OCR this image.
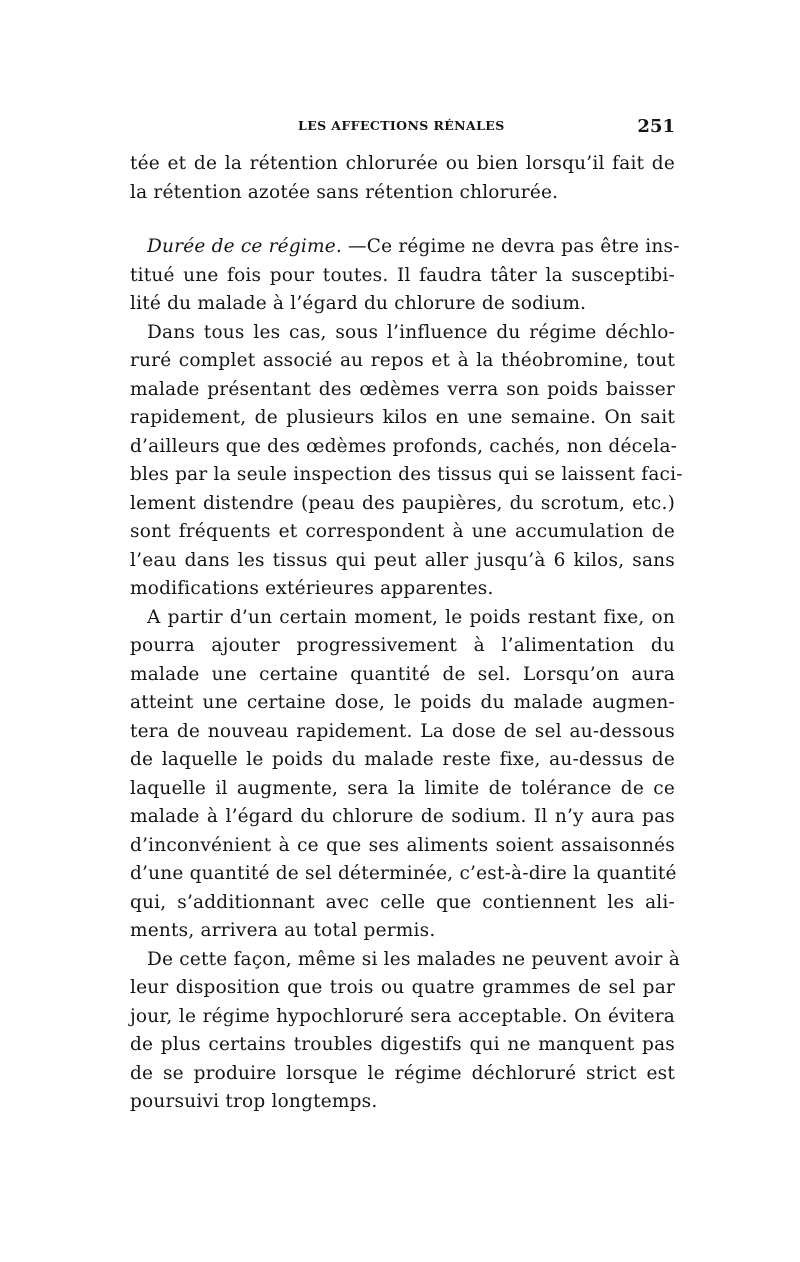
LES AFFECTIONS RÉNALES	251
tée et de la rétention chlorurée ou bien lorsqu’il fait de
la rétention azotée sans rétention chlorurée.
Durée de ce régime. —Ce régime ne devra pas être ins-
titué une fois pour toutes. Il faudra tâter la susceptibi-
lité du malade à l’égard du chlorure de sodium.
Dans tous les cas, sous l’influence du régime déchlo-
ruré complet associé au repos et à la théobromine, tout
malade présentant des œdèmes verra son poids baisser
rapidement, de plusieurs kilos en une semaine. On sait
d’ailleurs que des œdèmes profonds, cachés, non décela-
bles par la seule inspection des tissus qui se laissent faci-
lement distendre (peau des paupières, du scrotum, etc.)
sont fréquents et correspondent à une accumulation de
l’eau dans les tissus qui peut aller jusqu’à 6 kilos, sans
modifications extérieures apparentes.
A partir d’un certain moment, le poids restant fixe, on
pourra ajouter progressivement à l’alimentation du
malade une certaine quantité de sel. Lorsqu’on aura
atteint une certaine dose, le poids du malade augmen-
tera de nouveau rapidement. La dose de sel au-dessous
de laquelle le poids du malade reste fixe, au-dessus de
laquelle il augmente, sera la limite de tolérance de ce
malade à l’égard du chlorure de sodium. Il n’y aura pas
d’inconvénient à ce que ses aliments soient assaisonnés
d’une quantité de sel déterminée, c’est-à-dire la quantité
qui, s’additionnant avec celle que contiennent les ali-
ments, arrivera au total permis.
De cette façon, même si les malades ne peuvent avoir à
leur disposition que trois ou quatre grammes de sel par
jour, le régime hypochloruré sera acceptable. On évitera
de plus certains troubles digestifs qui ne manquent pas
de se produire lorsque le régime déchloruré strict est
poursuivi trop longtemps.
